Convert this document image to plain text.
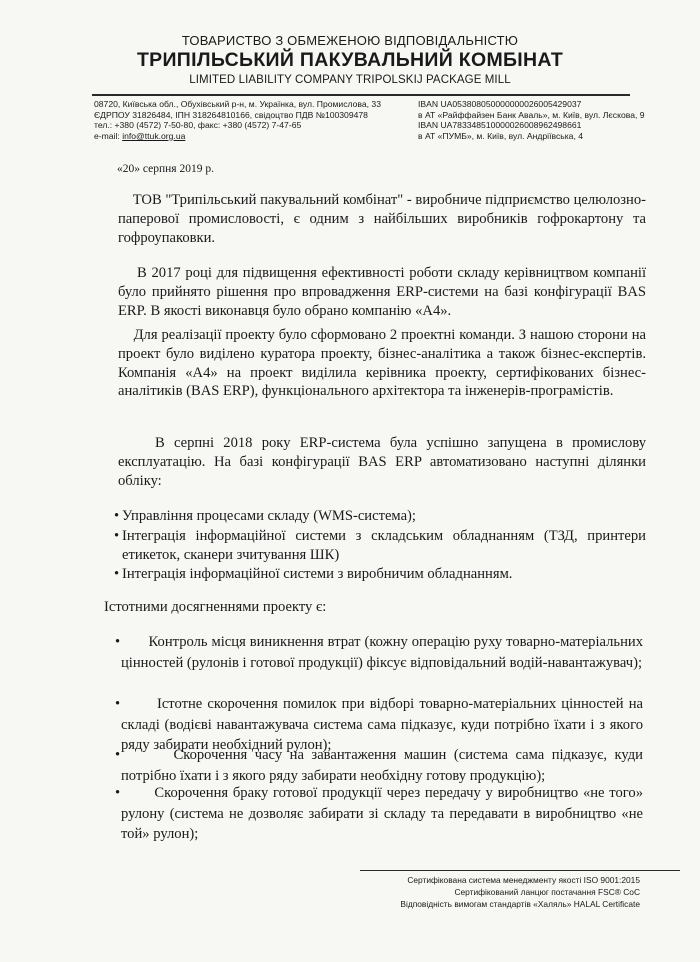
ТОВАРИСТВО З ОБМЕЖЕНОЮ ВІДПОВІДАЛЬНІСТЮ
ТРИПІЛЬСЬКИЙ ПАКУВАЛЬНИЙ КОМБІНАТ
LIMITED LIABILITY COMPANY TRIPOLSKIJ PACKAGE MILL
08720, Київська обл., Обухівський р-н, м. Українка, вул. Промислова, 33
ЄДРПОУ 31826484, ІПН 318264810166, свідоцтво ПДВ №100309478
тел.: +380 (4572) 7-50-80, факс: +380 (4572) 7-47-65
e-mail: info@ttuk.org.ua
IBAN UA053808050000000026005429037
в АТ «Райффайзен Банк Аваль», м. Київ, вул. Лєскова, 9
IBAN UA783348510000026008962498661
в АТ «ПУМБ», м. Київ, вул. Андріївська, 4
«20» серпня 2019 р.

ТОВ "Трипільський пакувальний комбінат" - виробниче підприємство целюлозно-паперової промисловості, є одним з найбільших виробників гофрокартону та гофроупаковки.

В 2017 році для підвищення ефективності роботи складу керівництвом компанії було прийнято рішення про впровадження ERP-системи на базі конфігурації BAS ERP. В якості виконавця було обрано компанію «А4».

Для реалізації проекту було сформовано 2 проектні команди. З нашою сторони на проект було виділено куратора проекту, бізнес-аналітика а також бізнес-експертів. Компанія «А4» на проект виділила керівника проекту, сертифікованих бізнес-аналітиків (BAS ERP), функціонального архітектора та інженерів-програмістів.

В серпні 2018 року ERP-система була успішно запущена в промислову експлуатацію. На базі конфігурації BAS ERP автоматизовано наступні ділянки обліку:

• Управління процесами складу (WMS-система);
• Інтеграція інформаційної системи з складським обладнанням (ТЗД, принтери етикеток, сканери зчитування ШК)
• Інтеграція інформаційної системи з виробничим обладнанням.
Істотними досягненнями проекту є:
• Контроль місця виникнення втрат (кожну операцію руху товарно-матеріальних цінностей (рулонів і готової продукції) фіксує відповідальний водій-навантажувач);
•	Істотне скорочення помилок при відборі товарно-матеріальних цінностей на складі (водієві навантажувача система сама підказує, куди потрібно їхати і з якого ряду забирати необхідний рулон);
•	Скорочення часу на завантаження машин (система сама підказує, куди потрібно їхати і з якого ряду забирати необхідну готову продукцію);
• Скорочення браку готової продукції через передачу у виробництво «не того» рулону (система не дозволяє забирати зі складу та передавати в виробництво «не той» рулон);
Сертифікована система менеджменту якості ISO 9001:2015
Сертифікований ланцюг постачання FSC® CoC
Відповідність вимогам стандартів «Халяль» HALAL Certificate
